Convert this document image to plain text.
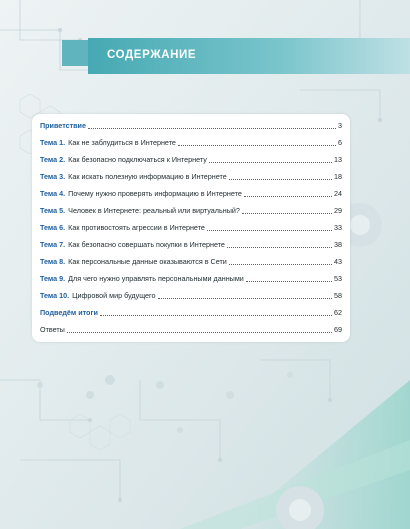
СОДЕРЖАНИЕ
Приветствие	3
Тема 1. Как не заблудиться в Интернете	6
Тема 2. Как безопасно подключаться к Интернету	13
Тема 3. Как искать полезную информацию в Интернете	18
Тема 4. Почему нужно проверять информацию в Интернете	24
Тема 5. Человек в Интернете: реальный или виртуальный?	29
Тема 6. Как противостоять агрессии в Интернете	33
Тема 7. Как безопасно совершать покупки в Интернете	38
Тема 8. Как персональные данные оказываются в Сети	43
Тема 9. Для чего нужно управлять персональными данными	53
Тема 10. Цифровой мир будущего	58
Подведём итоги	62
Ответы	69
